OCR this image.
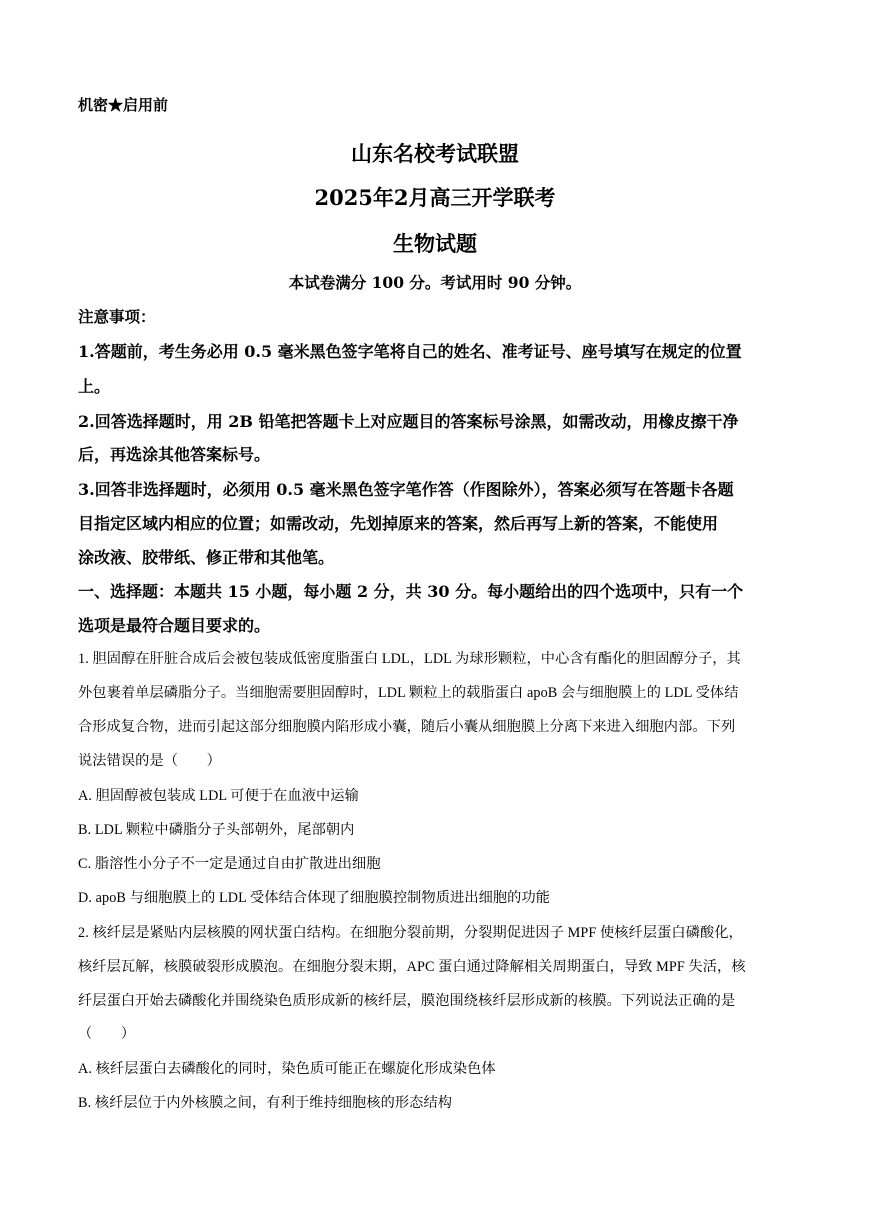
机密★启用前
山东名校考试联盟
2025年2月高三开学联考
生物试题
本试卷满分 100 分。考试用时 90 分钟。
注意事项：
1.答题前，考生务必用 0.5 毫米黑色签字笔将自己的姓名、准考证号、座号填写在规定的位置
上。
2.回答选择题时，用 2B 铅笔把答题卡上对应题目的答案标号涂黑，如需改动，用橡皮擦干净
后，再选涂其他答案标号。
3.回答非选择题时，必须用 0.5 毫米黑色签字笔作答（作图除外），答案必须写在答题卡各题
目指定区域内相应的位置；如需改动，先划掉原来的答案，然后再写上新的答案，不能使用
涂改液、胶带纸、修正带和其他笔。
一、选择题：本题共 15 小题，每小题 2 分，共 30 分。每小题给出的四个选项中，只有一个
选项是最符合题目要求的。
1. 胆固醇在肝脏合成后会被包装成低密度脂蛋白 LDL，LDL 为球形颗粒，中心含有酯化的胆固醇分子，其
外包裹着单层磷脂分子。当细胞需要胆固醇时，LDL 颗粒上的载脂蛋白 apoB 会与细胞膜上的 LDL 受体结
合形成复合物，进而引起这部分细胞膜内陷形成小囊，随后小囊从细胞膜上分离下来进入细胞内部。下列
说法错误的是（　　）
A. 胆固醇被包装成 LDL 可便于在血液中运输
B. LDL 颗粒中磷脂分子头部朝外，尾部朝内
C. 脂溶性小分子不一定是通过自由扩散进出细胞
D. apoB 与细胞膜上的 LDL 受体结合体现了细胞膜控制物质进出细胞的功能
2. 核纤层是紧贴内层核膜的网状蛋白结构。在细胞分裂前期，分裂期促进因子 MPF 使核纤层蛋白磷酸化，
核纤层瓦解，核膜破裂形成膜泡。在细胞分裂末期，APC 蛋白通过降解相关周期蛋白，导致 MPF 失活，核
纤层蛋白开始去磷酸化并围绕染色质形成新的核纤层，膜泡围绕核纤层形成新的核膜。下列说法正确的是
（　　）
A. 核纤层蛋白去磷酸化的同时，染色质可能正在螺旋化形成染色体
B. 核纤层位于内外核膜之间，有利于维持细胞核的形态结构
